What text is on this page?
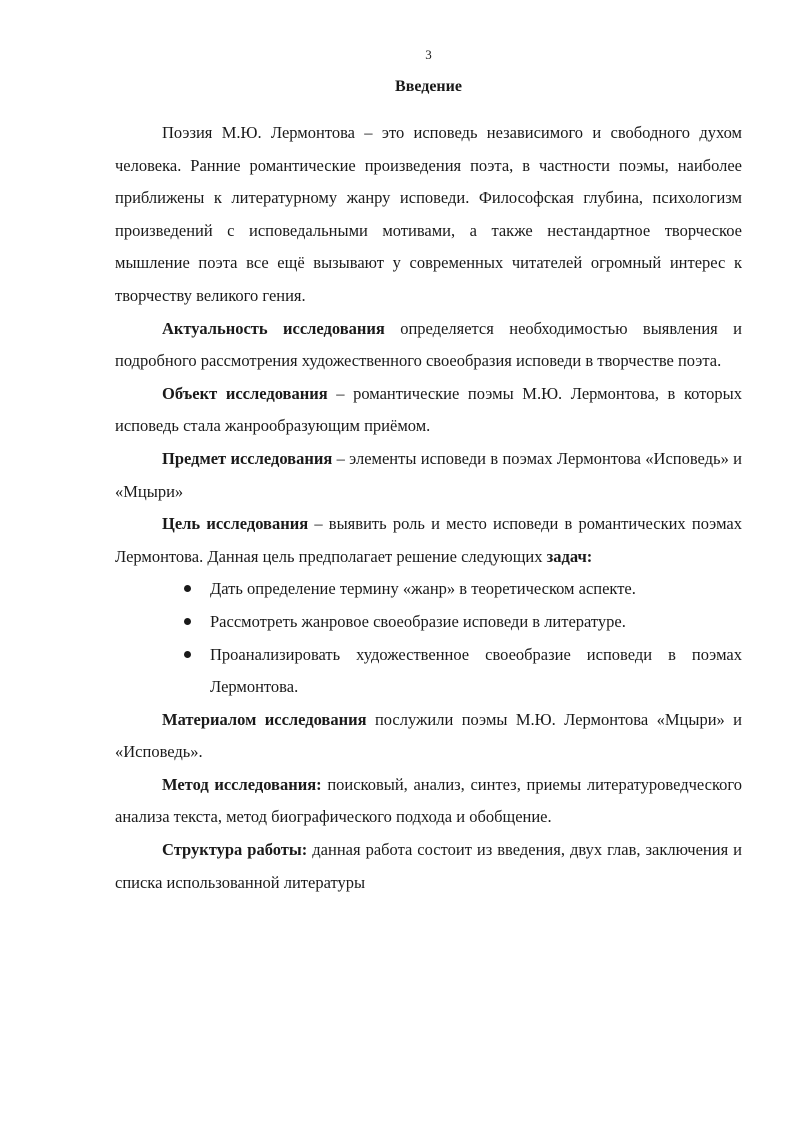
3
Введение

Поэзия М.Ю. Лермонтова – это исповедь независимого и свободного духом человека. Ранние романтические произведения поэта, в частности поэмы, наиболее приближены к литературному жанру исповеди. Философская глубина, психологизм произведений с исповедальными мотивами, а также нестандартное творческое мышление поэта все ещё вызывают у современных читателей огромный интерес к творчеству великого гения.

Актуальность исследования определяется необходимостью выявления и подробного рассмотрения художественного своеобразия исповеди в творчестве поэта.

Объект исследования – романтические поэмы М.Ю. Лермонтова, в которых исповедь стала жанрообразующим приёмом.

Предмет исследования – элементы исповеди в поэмах Лермонтова «Исповедь» и «Мцыри»

Цель исследования – выявить роль и место исповеди в романтических поэмах Лермонтова. Данная цель предполагает решение следующих задач:

Дать определение термину «жанр» в теоретическом аспекте.
Рассмотреть жанровое своеобразие исповеди в литературе.
Проанализировать художественное своеобразие исповеди в поэмах Лермонтова.

Материалом исследования послужили поэмы М.Ю. Лермонтова «Мцыри» и «Исповедь».

Метод исследования: поисковый, анализ, синтез, приемы литературоведческого анализа текста, метод биографического подхода и обобщение.

Структура работы: данная работа состоит из введения, двух глав, заключения и списка использованной литературы
